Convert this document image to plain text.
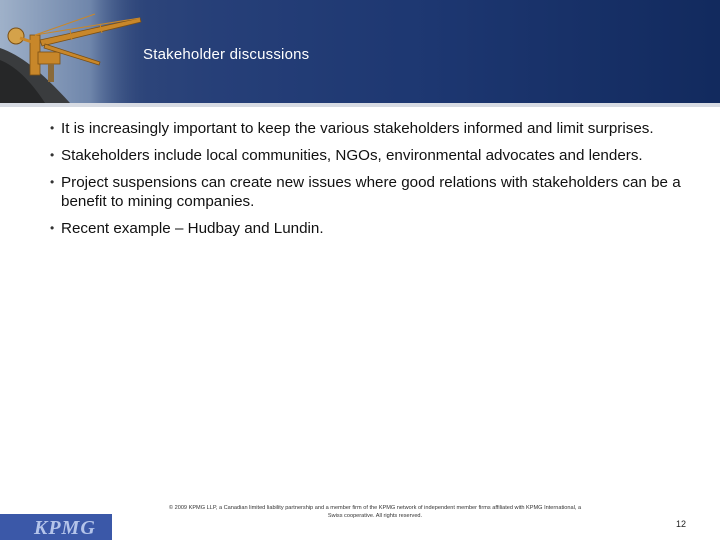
Stakeholder discussions
• It is increasingly important to keep the various stakeholders informed and limit surprises.
• Stakeholders include local communities, NGOs, environmental advocates and lenders.
• Project suspensions can create new issues where good relations with stakeholders can be a benefit to mining companies.
• Recent example – Hudbay and Lundin.
KPMG
© 2009 KPMG LLP, a Canadian limited liability partnership and a member firm of the KPMG network of independent member firms affiliated with KPMG International, a
Swiss cooperative. All rights reserved.
12
